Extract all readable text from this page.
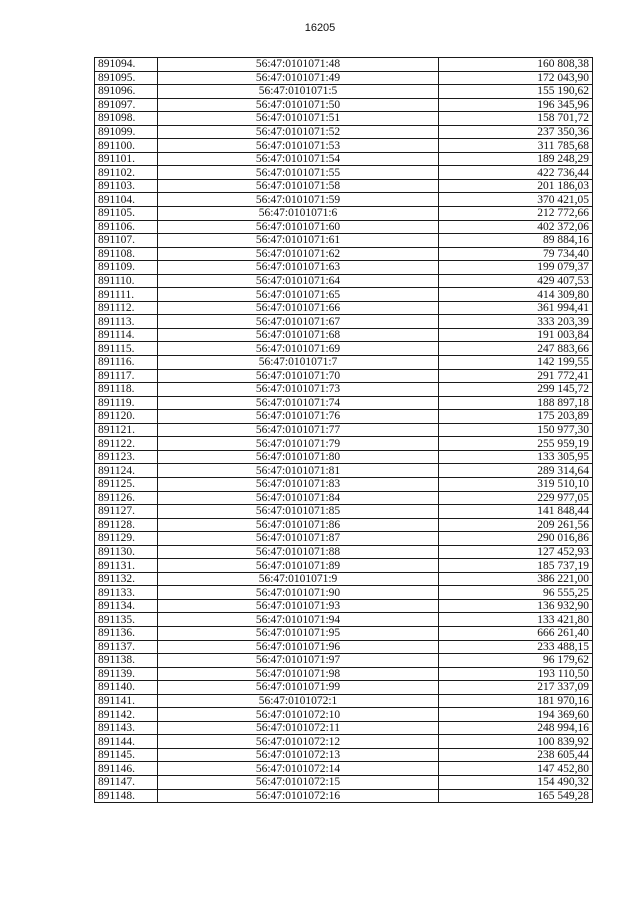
16205
891094.	56:47:0101071:48	160 808,38
891095.	56:47:0101071:49	172 043,90
891096.	56:47:0101071:5	155 190,62
891097.	56:47:0101071:50	196 345,96
891098.	56:47:0101071:51	158 701,72
891099.	56:47:0101071:52	237 350,36
891100.	56:47:0101071:53	311 785,68
891101.	56:47:0101071:54	189 248,29
891102.	56:47:0101071:55	422 736,44
891103.	56:47:0101071:58	201 186,03
891104.	56:47:0101071:59	370 421,05
891105.	56:47:0101071:6	212 772,66
891106.	56:47:0101071:60	402 372,06
891107.	56:47:0101071:61	89 884,16
891108.	56:47:0101071:62	79 734,40
891109.	56:47:0101071:63	199 079,37
891110.	56:47:0101071:64	429 407,53
891111.	56:47:0101071:65	414 309,80
891112.	56:47:0101071:66	361 994,41
891113.	56:47:0101071:67	333 203,39
891114.	56:47:0101071:68	191 003,84
891115.	56:47:0101071:69	247 883,66
891116.	56:47:0101071:7	142 199,55
891117.	56:47:0101071:70	291 772,41
891118.	56:47:0101071:73	299 145,72
891119.	56:47:0101071:74	188 897,18
891120.	56:47:0101071:76	175 203,89
891121.	56:47:0101071:77	150 977,30
891122.	56:47:0101071:79	255 959,19
891123.	56:47:0101071:80	133 305,95
891124.	56:47:0101071:81	289 314,64
891125.	56:47:0101071:83	319 510,10
891126.	56:47:0101071:84	229 977,05
891127.	56:47:0101071:85	141 848,44
891128.	56:47:0101071:86	209 261,56
891129.	56:47:0101071:87	290 016,86
891130.	56:47:0101071:88	127 452,93
891131.	56:47:0101071:89	185 737,19
891132.	56:47:0101071:9	386 221,00
891133.	56:47:0101071:90	96 555,25
891134.	56:47:0101071:93	136 932,90
891135.	56:47:0101071:94	133 421,80
891136.	56:47:0101071:95	666 261,40
891137.	56:47:0101071:96	233 488,15
891138.	56:47:0101071:97	96 179,62
891139.	56:47:0101071:98	193 110,50
891140.	56:47:0101071:99	217 337,09
891141.	56:47:0101072:1	181 970,16
891142.	56:47:0101072:10	194 369,60
891143.	56:47:0101072:11	248 994,16
891144.	56:47:0101072:12	100 839,92
891145.	56:47:0101072:13	238 605,44
891146.	56:47:0101072:14	147 452,80
891147.	56:47:0101072:15	154 490,32
891148.	56:47:0101072:16	165 549,28
